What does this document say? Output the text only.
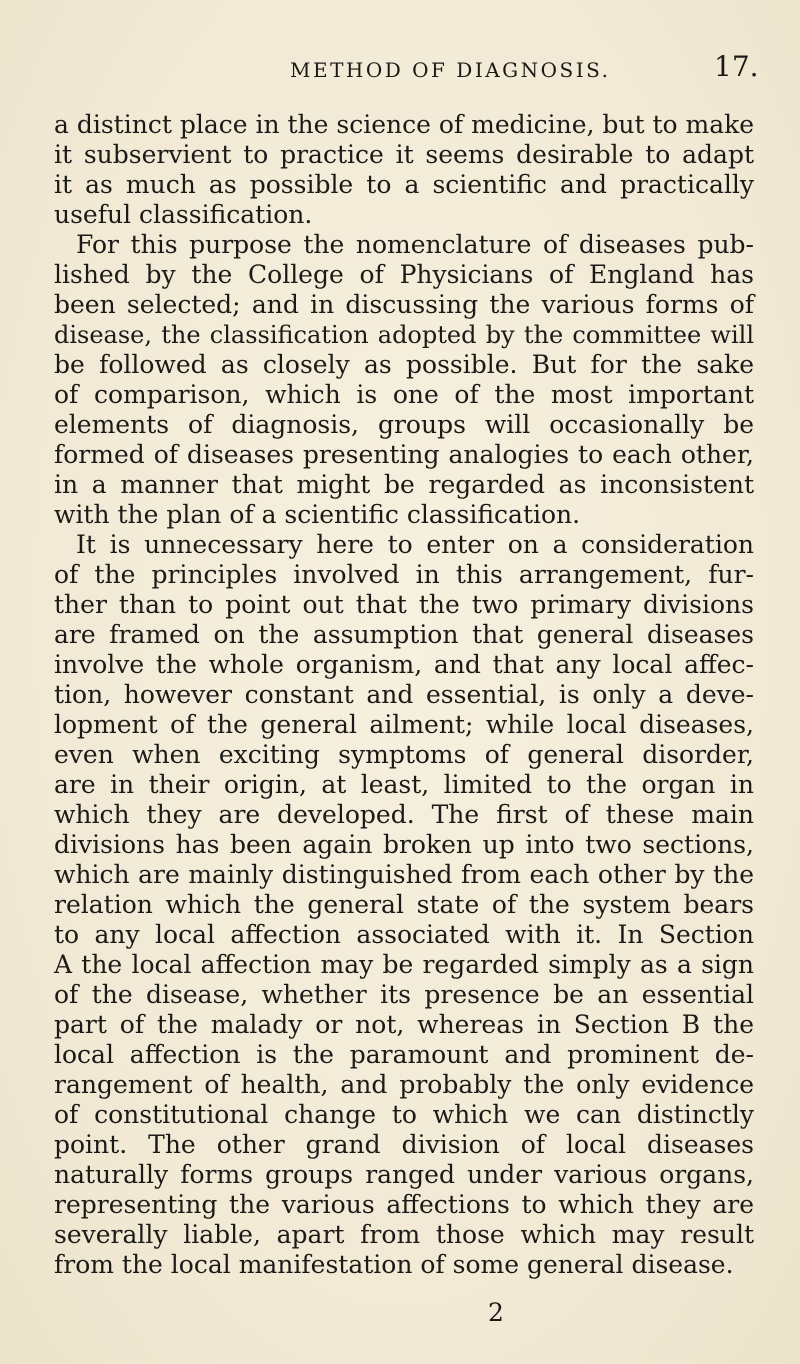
METHOD OF DIAGNOSIS.	17.
a distinct place in the science of medicine, but to make
it subservient to practice it seems desirable to adapt
it as much as possible to a scientific and practically
useful classification.
For this purpose the nomenclature of diseases pub-
lished by the College of Physicians of England has
been selected; and in discussing the various forms of
disease, the classification adopted by the committee will
be followed as closely as possible. But for the sake
of comparison, which is one of the most important
elements of diagnosis, groups will occasionally be
formed of diseases presenting analogies to each other,
in a manner that might be regarded as inconsistent
with the plan of a scientific classification.
It is unnecessary here to enter on a consideration
of the principles involved in this arrangement, fur-
ther than to point out that the two primary divisions
are framed on the assumption that general diseases
involve the whole organism, and that any local affec-
tion, however constant and essential, is only a deve-
lopment of the general ailment; while local diseases,
even when exciting symptoms of general disorder,
are in their origin, at least, limited to the organ in
which they are developed. The first of these main
divisions has been again broken up into two sections,
which are mainly distinguished from each other by the
relation which the general state of the system bears
to any local affection associated with it. In Section
A the local affection may be regarded simply as a sign
of the disease, whether its presence be an essential
part of the malady or not, whereas in Section B the
local affection is the paramount and prominent de-
rangement of health, and probably the only evidence
of constitutional change to which we can distinctly
point. The other grand division of local diseases
naturally forms groups ranged under various organs,
representing the various affections to which they are
severally liable, apart from those which may result
from the local manifestation of some general disease.
2
